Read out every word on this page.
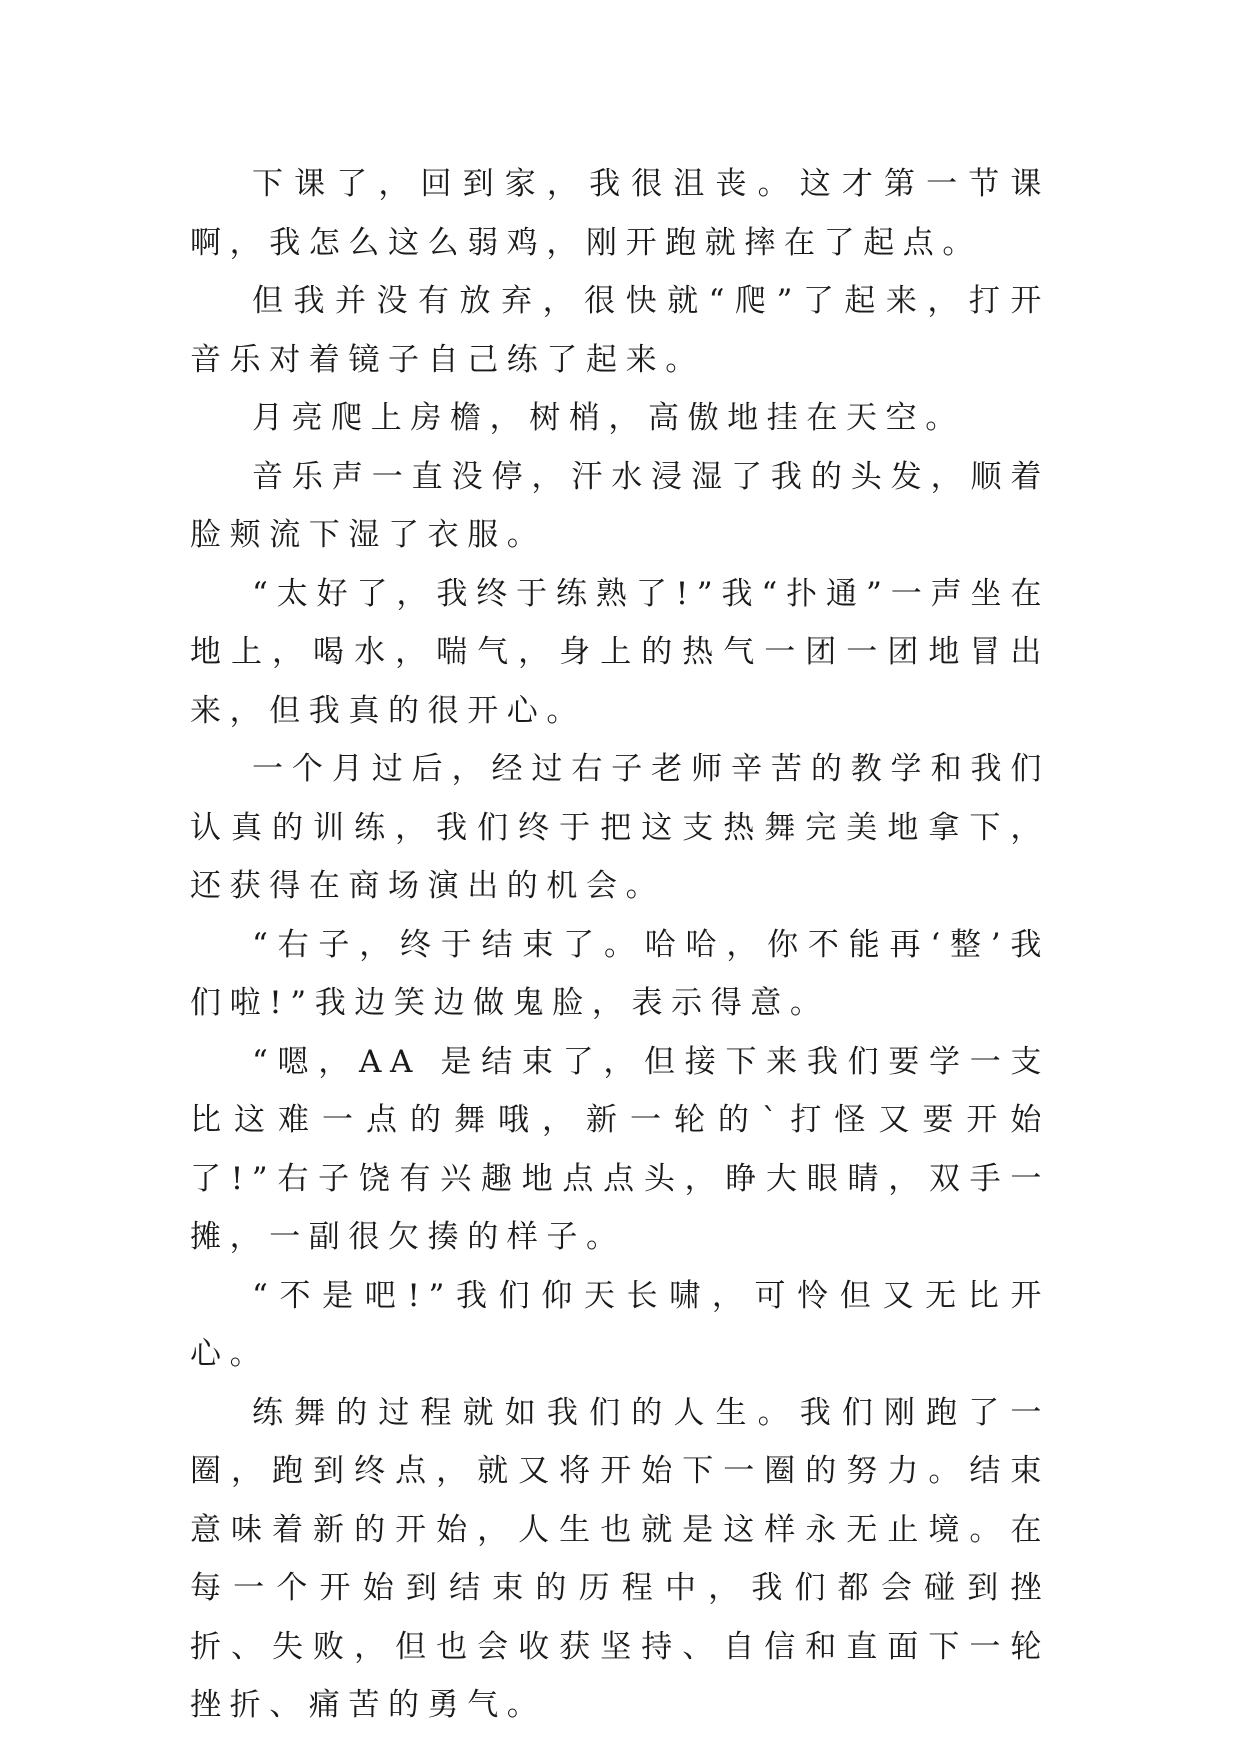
下课了，回到家，我很沮丧。这才第一节课啊，我怎么这么弱鸡，刚开跑就摔在了起点。

但我并没有放弃，很快就“爬”了起来，打开音乐对着镜子自己练了起来。

月亮爬上房檐，树梢，高傲地挂在天空。

音乐声一直没停，汗水浸湿了我的头发，顺着脸颊流下湿了衣服。

“太好了，我终于练熟了!”我“扑通”一声坐在地上，喝水，喘气，身上的热气一团一团地冒出来，但我真的很开心。

一个月过后，经过右子老师辛苦的教学和我们认真的训练，我们终于把这支热舞完美地拿下，还获得在商场演出的机会。

“右子，终于结束了。哈哈，你不能再‘整’我们啦!”我边笑边做鬼脸，表示得意。

“嗯，AA 是结束了，但接下来我们要学一支比这难一点的舞哦，新一轮的`打怪又要开始了!”右子饶有兴趣地点点头，睁大眼睛，双手一摊，一副很欠揍的样子。

“不是吧!”我们仰天长啸，可怜但又无比开心。

练舞的过程就如我们的人生。我们刚跑了一圈，跑到终点，就又将开始下一圈的努力。结束意味着新的开始，人生也就是这样永无止境。在每一个开始到结束的历程中，我们都会碰到挫折、失败，但也会收获坚持、自信和直面下一轮挫折、痛苦的勇气。
